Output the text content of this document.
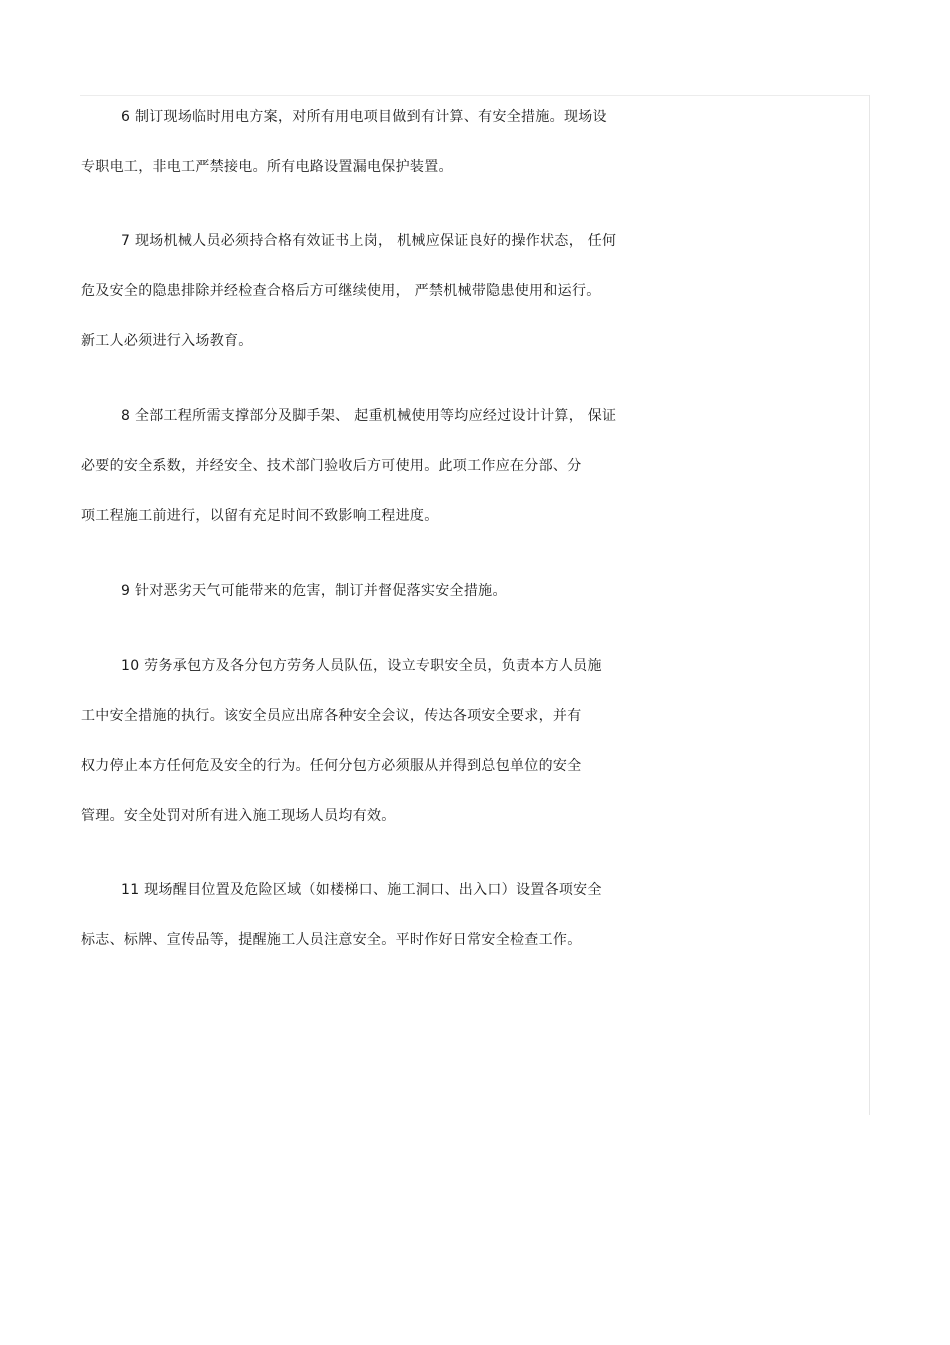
6 制订现场临时用电方案，对所有用电项目做到有计算、有安全措施。现场设
专职电工，非电工严禁接电。所有电路设置漏电保护装置。
7 现场机械人员必须持合格有效证书上岗， 机械应保证良好的操作状态， 任何
危及安全的隐患排除并经检查合格后方可继续使用， 严禁机械带隐患使用和运行。
新工人必须进行入场教育。
8 全部工程所需支撑部分及脚手架、 起重机械使用等均应经过设计计算， 保证
必要的安全系数，并经安全、技术部门验收后方可使用。此项工作应在分部、分
项工程施工前进行，以留有充足时间不致影响工程进度。
9 针对恶劣天气可能带来的危害，制订并督促落实安全措施。
10 劳务承包方及各分包方劳务人员队伍，设立专职安全员，负责本方人员施
工中安全措施的执行。该安全员应出席各种安全会议，传达各项安全要求，并有
权力停止本方任何危及安全的行为。任何分包方必须服从并得到总包单位的安全
管理。安全处罚对所有进入施工现场人员均有效。
11 现场醒目位置及危险区域（如楼梯口、施工洞口、出入口）设置各项安全
标志、标牌、宣传品等，提醒施工人员注意安全。平时作好日常安全检查工作。
